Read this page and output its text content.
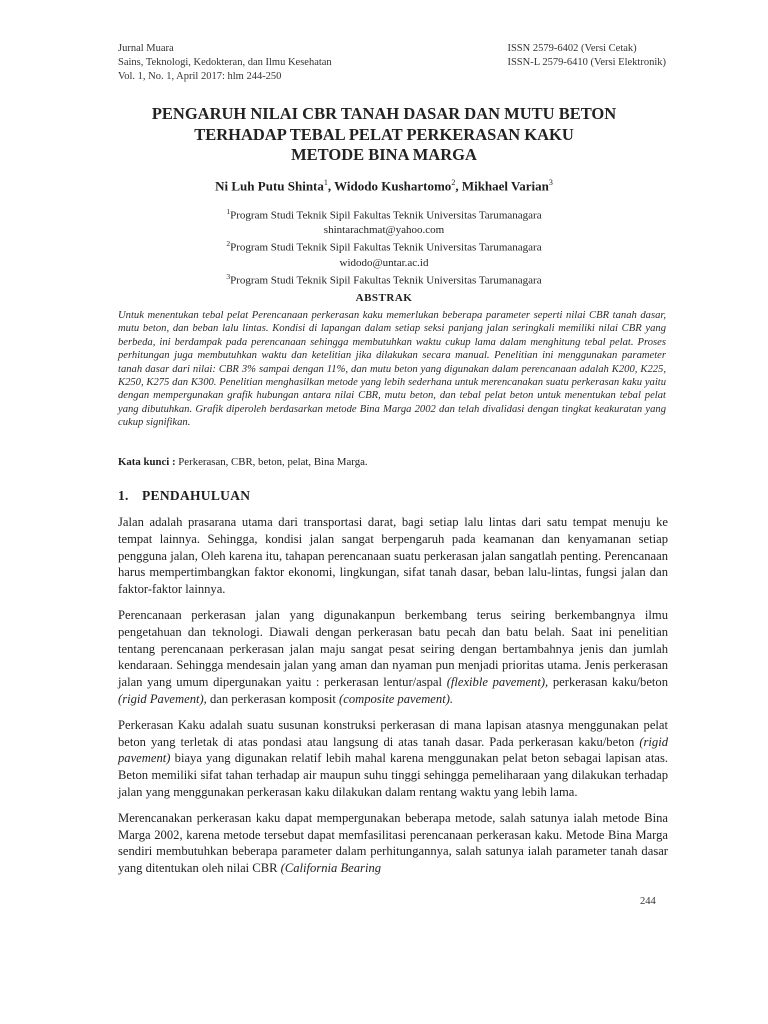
Jurnal Muara
Sains, Teknologi, Kedokteran, dan Ilmu Kesehatan
Vol. 1, No. 1, April 2017: hlm 244-250
ISSN 2579-6402 (Versi Cetak)
ISSN-L 2579-6410 (Versi Elektronik)
PENGARUH NILAI CBR TANAH DASAR DAN MUTU BETON
TERHADAP TEBAL PELAT PERKERASAN KAKU
METODE BINA MARGA
Ni Luh Putu Shinta$^1$, Widodo Kushartomo$^2$, Mikhael Varian$^3$
$^1$Program Studi Teknik Sipil Fakultas Teknik Universitas Tarumanagara
shintarachmat@yahoo.com
$^2$Program Studi Teknik Sipil Fakultas Teknik Universitas Tarumanagara
widodo@untar.ac.id
$^3$Program Studi Teknik Sipil Fakultas Teknik Universitas Tarumanagara
ABSTRAK
Untuk menentukan tebal pelat Perencanaan perkerasan kaku memerlukan beberapa parameter seperti nilai CBR tanah dasar, mutu beton, dan beban lalu lintas. Kondisi di lapangan dalam setiap seksi panjang jalan seringkali memiliki nilai CBR yang berbeda, ini berdampak pada perencanaan sehingga membutuhkan waktu cukup lama dalam menghitung tebal pelat. Proses perhitungan juga membutuhkan waktu dan ketelitian jika dilakukan secara manual. Penelitian ini menggunakan parameter tanah dasar dari nilai: CBR 3% sampai dengan 11%, dan mutu beton yang digunakan dalam perencanaan adalah K200, K225, K250, K275 dan K300. Penelitian menghasilkan metode yang lebih sederhana untuk merencanakan suatu perkerasan kaku yaitu dengan mempergunakan grafik hubungan antara nilai CBR, mutu beton, dan tebal pelat beton untuk menentukan tebal pelat yang dibutuhkan. Grafik diperoleh berdasarkan metode Bina Marga 2002 dan telah divalidasi dengan tingkat keakuratan yang cukup signifikan.
Kata kunci : Perkerasan, CBR, beton, pelat, Bina Marga.
1. PENDAHULUAN

Jalan adalah prasarana utama dari transportasi darat, bagi setiap lalu lintas dari satu tempat menuju ke tempat lainnya. Sehingga, kondisi jalan sangat berpengaruh pada keamanan dan kenyamanan setiap pengguna jalan, Oleh karena itu, tahapan perencanaan suatu perkerasan jalan sangatlah penting. Perencanaan harus mempertimbangkan faktor ekonomi, lingkungan, sifat tanah dasar, beban lalu-lintas, fungsi jalan dan faktor-faktor lainnya.

Perencanaan perkerasan jalan yang digunakanpun berkembang terus seiring berkembangnya ilmu pengetahuan dan teknologi. Diawali dengan perkerasan batu pecah dan batu belah. Saat ini penelitian tentang perencanaan perkerasan jalan maju sangat pesat seiring dengan bertambahnya jenis dan jumlah kendaraan. Sehingga mendesain jalan yang aman dan nyaman pun menjadi prioritas utama. Jenis perkerasan jalan yang umum dipergunakan yaitu : perkerasan lentur/aspal (flexible pavement), perkerasan kaku/beton (rigid Pavement), dan perkerasan komposit (composite pavement).

Perkerasan Kaku adalah suatu susunan konstruksi perkerasan di mana lapisan atasnya menggunakan pelat beton yang terletak di atas pondasi atau langsung di atas tanah dasar. Pada perkerasan kaku/beton (rigid pavement) biaya yang digunakan relatif lebih mahal karena menggunakan pelat beton sebagai lapisan atas. Beton memiliki sifat tahan terhadap air maupun suhu tinggi sehingga pemeliharaan yang dilakukan terhadap jalan yang menggunakan perkerasan kaku dilakukan dalam rentang waktu yang lebih lama.

Merencanakan perkerasan kaku dapat mempergunakan beberapa metode, salah satunya ialah metode Bina Marga 2002, karena metode tersebut dapat memfasilitasi perencanaan perkerasan kaku. Metode Bina Marga sendiri membutuhkan beberapa parameter dalam perhitungannya, salah satunya ialah parameter tanah dasar yang ditentukan oleh nilai CBR (California Bearing

244
